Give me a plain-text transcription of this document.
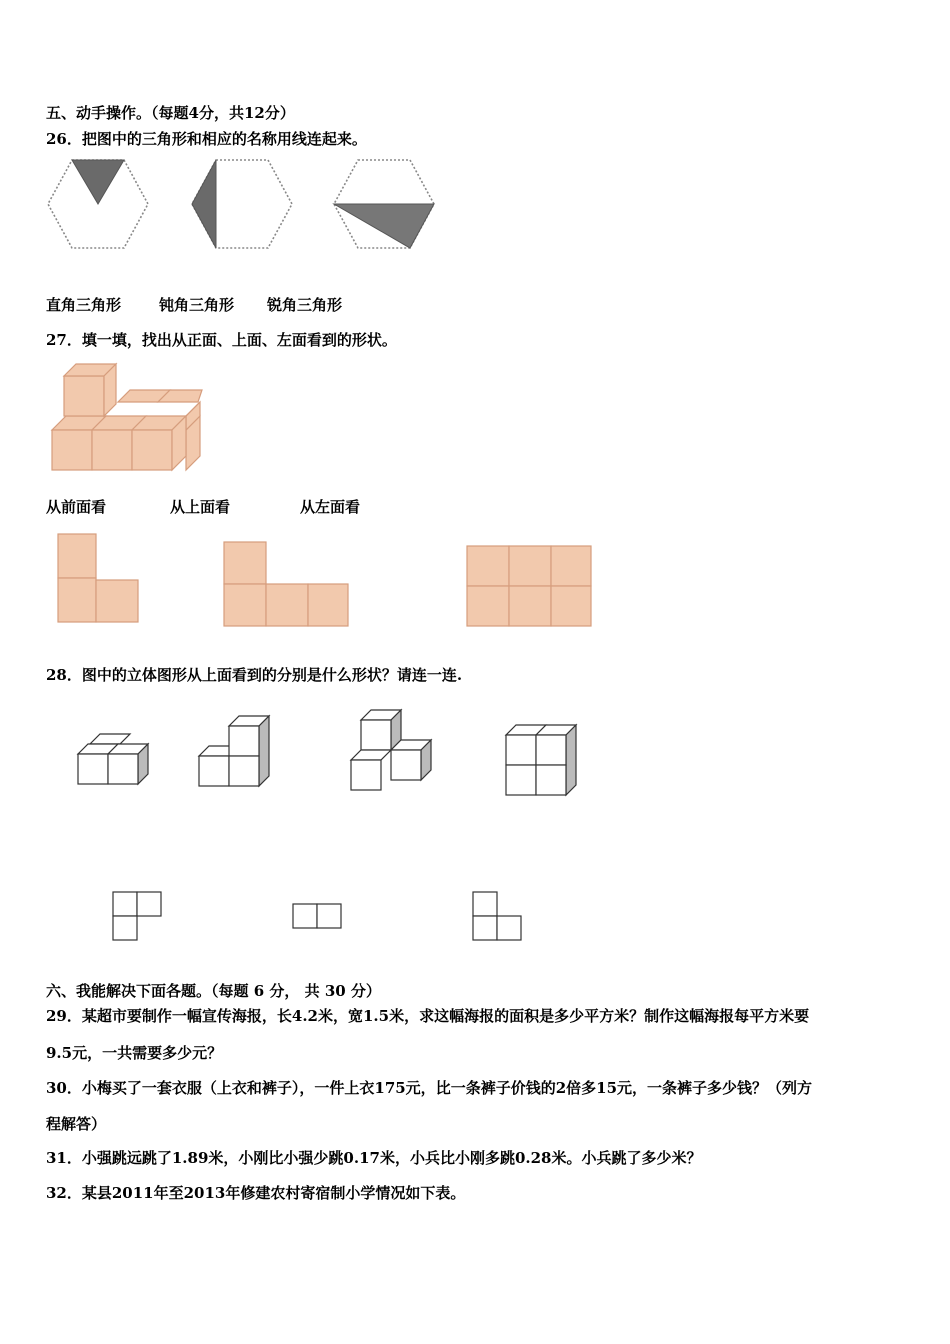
五、动手操作。（每题4分，共12分）
26．把图中的三角形和相应的名称用线连起来。
直角三角形	钝角三角形 锐角三角形
27．填一填，找出从正面、上面、左面看到的形状。
从前面看	从上面看	从左面看
28．图中的立体图形从上面看到的分别是什么形状？请连一连.
六、我能解决下面各题。（每题 6 分， 共 30 分）
29．某超市要制作一幅宣传海报，长4.2米，宽1.5米，求这幅海报的面积是多少平方米？制作这幅海报每平方米要
9.5元，一共需要多少元？
30．小梅买了一套衣服（上衣和裤子），一件上衣175元，比一条裤子价钱的2倍多15元，一条裤子多少钱？（列方
程解答）
31．小强跳远跳了1.89米，小刚比小强少跳0.17米，小兵比小刚多跳0.28米。小兵跳了多少米？
32．某县2011年至2013年修建农村寄宿制小学情况如下表。
